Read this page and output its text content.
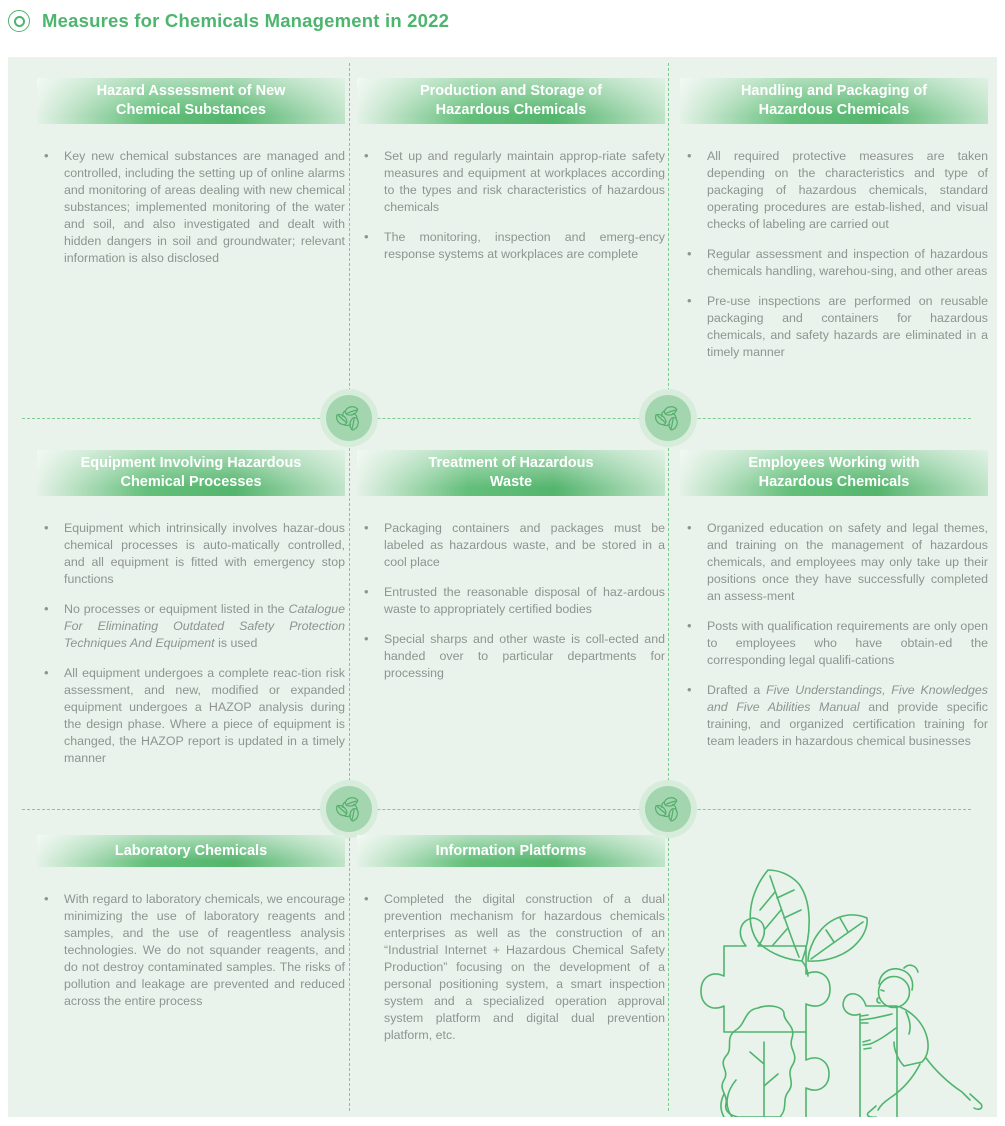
Measures for Chemicals Management in 2022
Hazard Assessment of New
Chemical Substances
• Key new chemical substances are managed and controlled, including the setting up of online alarms and monitoring of areas dealing with new chemical substances; implemented monitoring of the water and soil, and also investigated and dealt with hidden dangers in soil and groundwater; relevant information is also disclosed
Production and Storage of
Hazardous Chemicals
• Set up and regularly maintain approp-riate safety measures and equipment at workplaces according to the types and risk characteristics of hazardous chemicals
• The monitoring, inspection and emerg-ency response systems at workplaces are complete
Handling and Packaging of
Hazardous Chemicals
• All required protective measures are taken depending on the characteristics and type of packaging of hazardous chemicals, standard operating procedures are estab-lished, and visual checks of labeling are carried out
• Regular assessment and inspection of hazardous chemicals handling, warehou-sing, and other areas
• Pre-use inspections are performed on reusable packaging and containers for hazardous chemicals, and safety hazards are eliminated in a timely manner
Equipment Involving Hazardous
Chemical Processes
• Equipment which intrinsically involves hazar-dous chemical processes is auto-matically controlled, and all equipment is fitted with emergency stop functions
• No processes or equipment listed in the Catalogue For Eliminating Outdated Safety Protection Techniques And Equipment is used
• All equipment undergoes a complete reac-tion risk assessment, and new, modified or expanded equipment undergoes a HAZOP analysis during the design phase. Where a piece of equipment is changed, the HAZOP report is updated in a timely manner
Treatment of Hazardous
Waste
• Packaging containers and packages must be labeled as hazardous waste, and be stored in a cool place
• Entrusted the reasonable disposal of haz-ardous waste to appropriately certified bodies
• Special sharps and other waste is coll-ected and handed over to particular departments for processing
Employees Working with
Hazardous Chemicals
• Organized education on safety and legal themes, and training on the management of hazardous chemicals, and employees may only take up their positions once they have successfully completed an assess-ment
• Posts with qualification requirements are only open to employees who have obtain-ed the corresponding legal qualifi-cations
• Drafted a Five Understandings, Five Knowledges and Five Abilities Manual and provide specific training, and organized certification training for team leaders in hazardous chemical businesses
Laboratory Chemicals
• With regard to laboratory chemicals, we encourage minimizing the use of laboratory reagents and samples, and the use of reagentless analysis technologies. We do not squander reagents, and do not destroy contaminated samples. The risks of pollution and leakage are prevented and reduced across the entire process
Information Platforms
• Completed the digital construction of a dual prevention mechanism for hazardous chemicals enterprises as well as the construction of an “Industrial Internet + Hazardous Chemical Safety Production” focusing on the development of a personal positioning system, a smart inspection system and a specialized operation approval system platform and digital dual prevention platform, etc.
